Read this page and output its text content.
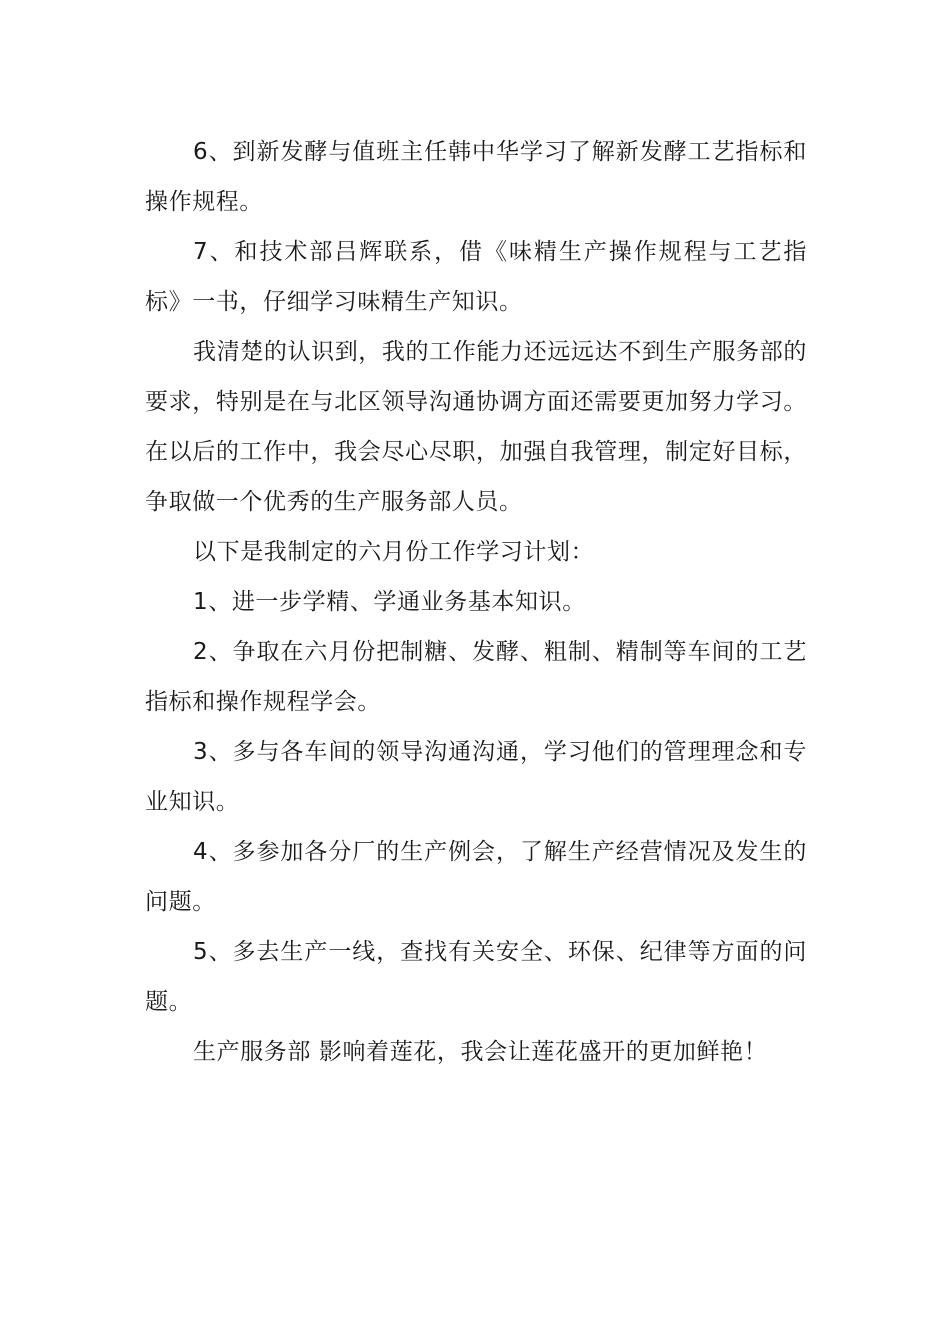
6、到新发酵与值班主任韩中华学习了解新发酵工艺指标和操作规程。

7、和技术部吕辉联系，借《味精生产操作规程与工艺指标》一书，仔细学习味精生产知识。

我清楚的认识到，我的工作能力还远远达不到生产服务部的要求，特别是在与北区领导沟通协调方面还需要更加努力学习。在以后的工作中，我会尽心尽职，加强自我管理，制定好目标，争取做一个优秀的生产服务部人员。

以下是我制定的六月份工作学习计划：

1、进一步学精、学通业务基本知识。

2、争取在六月份把制糖、发酵、粗制、精制等车间的工艺指标和操作规程学会。

3、多与各车间的领导沟通沟通，学习他们的管理理念和专业知识。

4、多参加各分厂的生产例会，了解生产经营情况及发生的问题。

5、多去生产一线，查找有关安全、环保、纪律等方面的问题。

生产服务部 影响着莲花，我会让莲花盛开的更加鲜艳！
